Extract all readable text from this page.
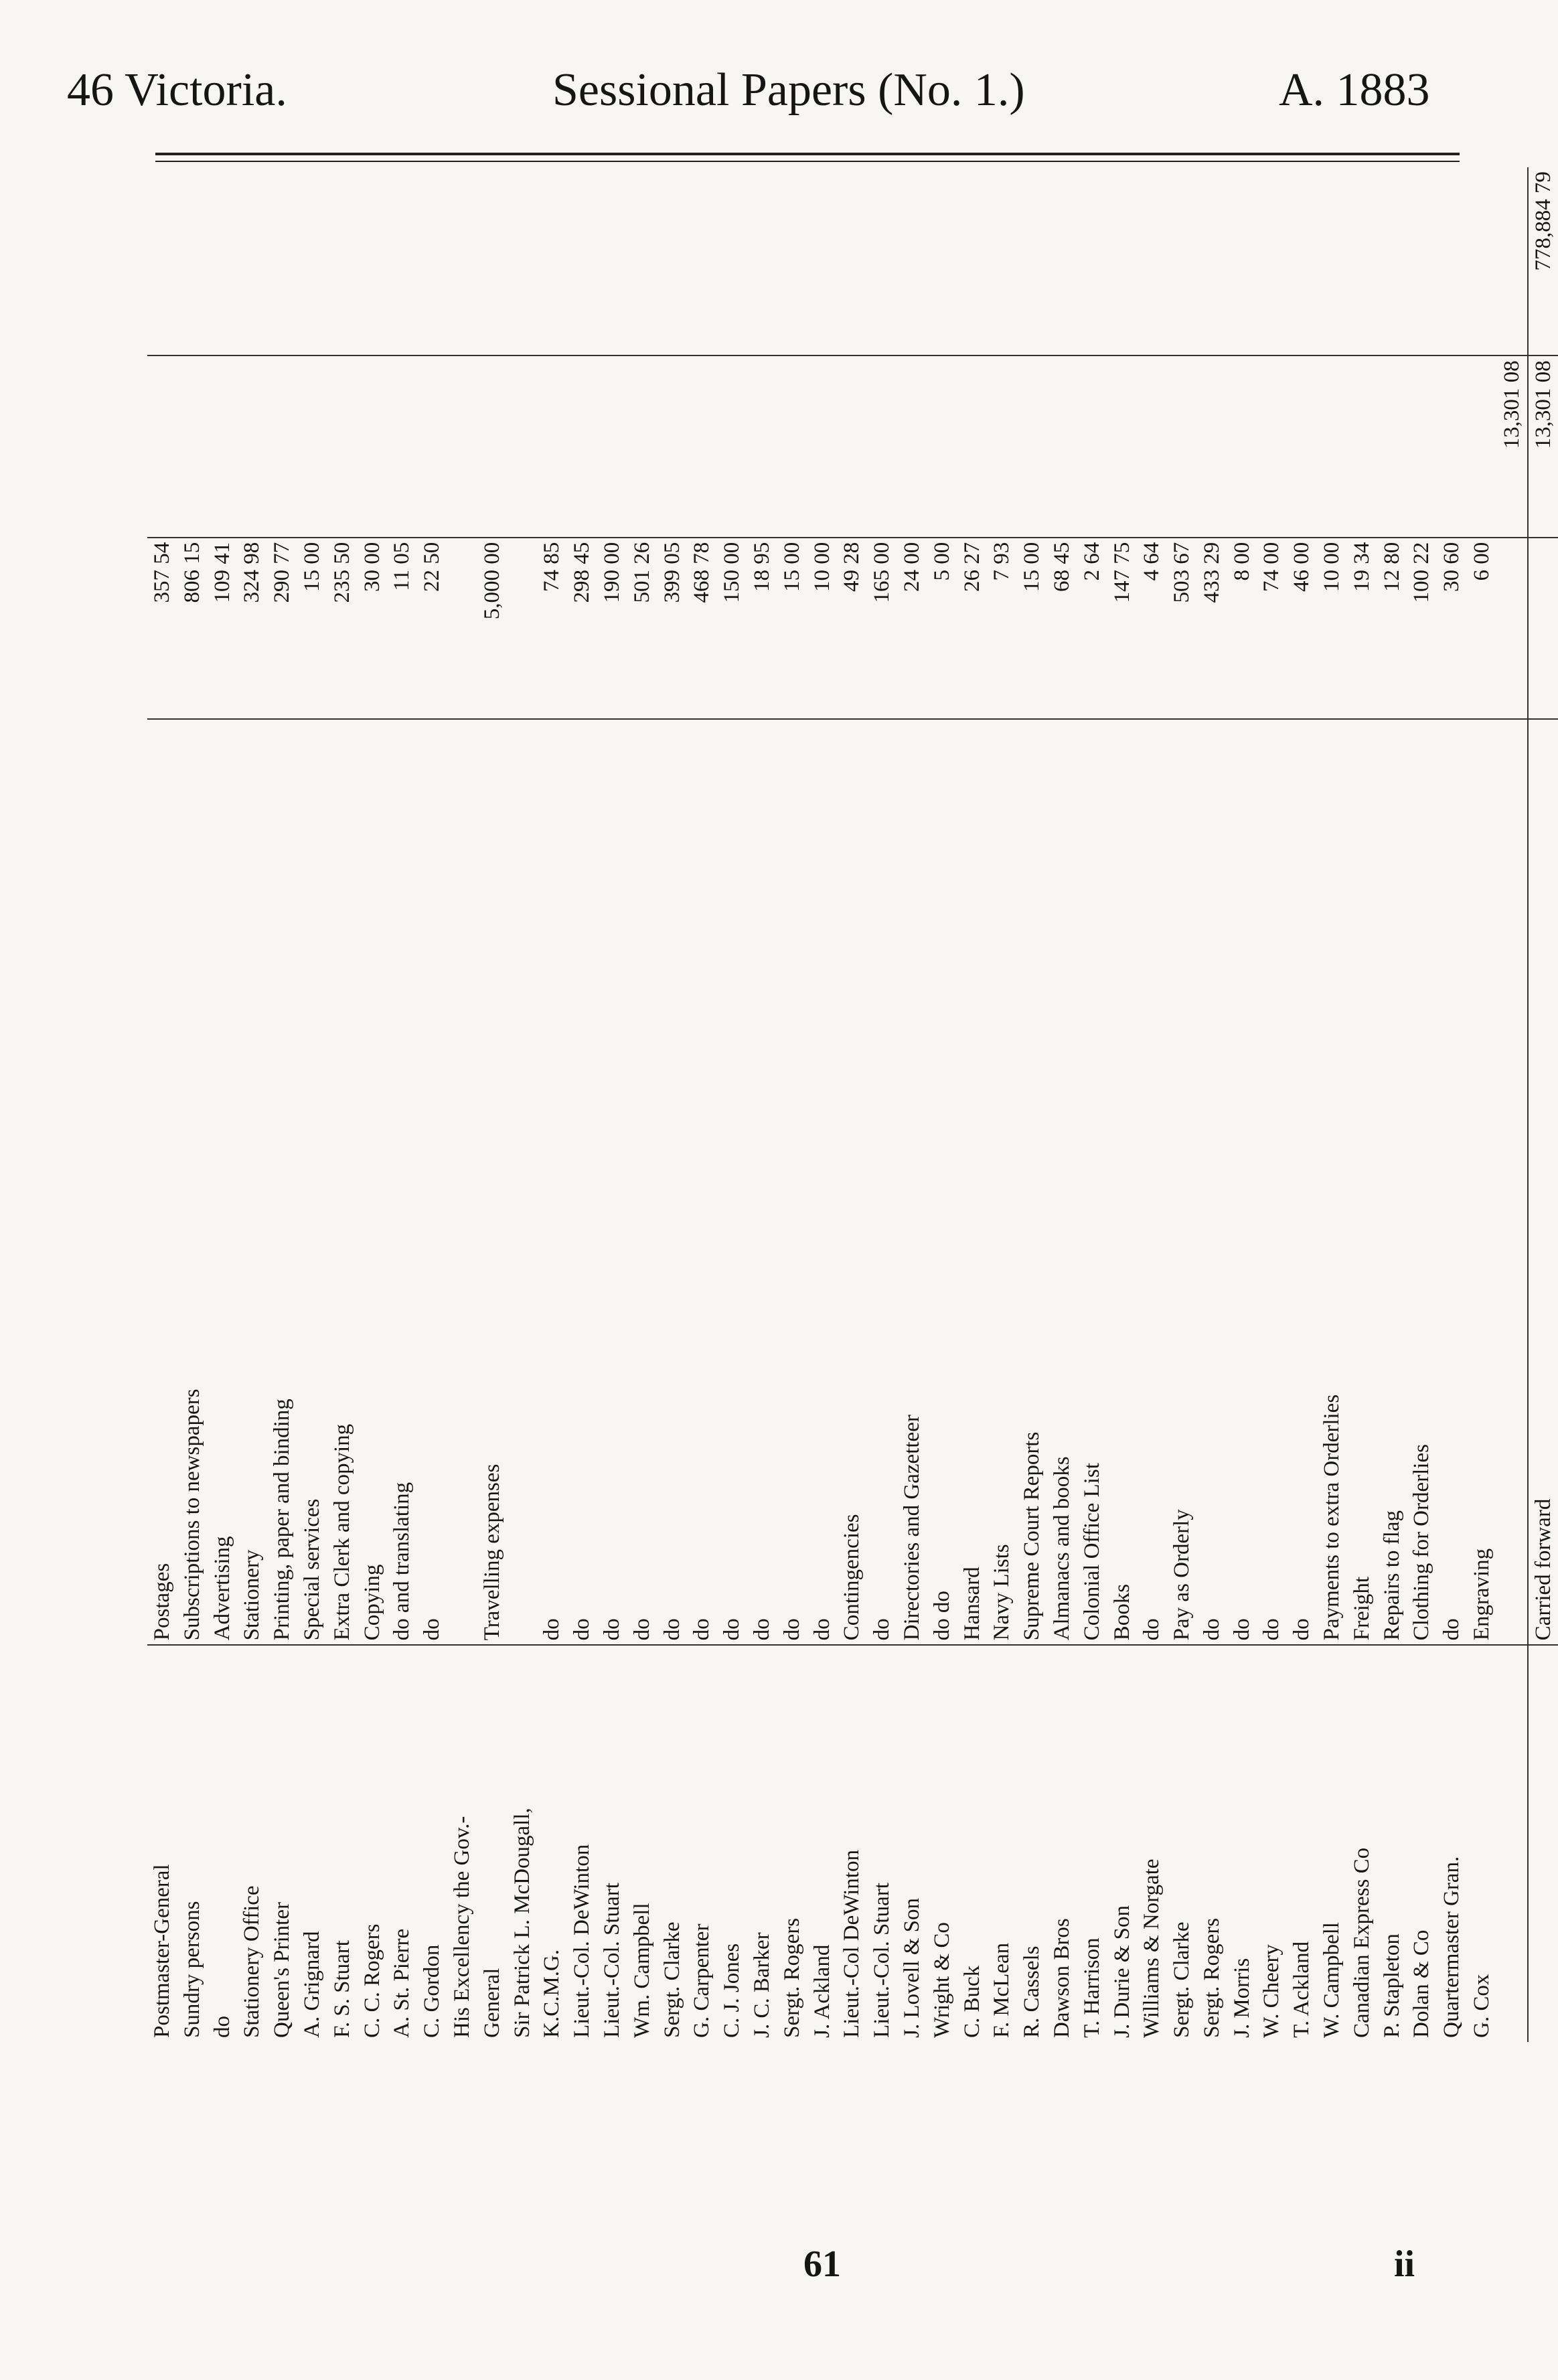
46 Victoria.	Sessional Papers (No. 1.)	A. 1883
Postmaster-General	Postages	357 54		
Sundry persons	Subscriptions to newspapers	806 15		
do	Advertising	109 41		
Stationery Office	Stationery	324 98		
Queen's Printer	Printing, paper and binding	290 77		
A. Grignard	Special services	15 00		
F. S. Stuart	Extra Clerk and copying	235 50		
C. C. Rogers	Copying	30 00		
A. St. Pierre	do and translating	11 05		
C. Gordon	do	22 50		
His Excellency the Gov.-				
General	Travelling expenses	5,000 00		
Sir Patrick L. McDougall,				
K.C.M.G.	do	74 85		
Lieut.-Col. DeWinton	do	298 45		
Lieut.-Col. Stuart	do	190 00		
Wm. Campbell	do	501 26		
Sergt. Clarke	do	399 05		
G. Carpenter	do	468 78		
C. J. Jones	do	150 00		
J. C. Barker	do	18 95		
Sergt. Rogers	do	15 00		
J. Ackland	do	10 00		
Lieut.-Col DeWinton	Contingencies	49 28		
Lieut.-Col. Stuart	do	165 00		
J. Lovell & Son	Directories and Gazetteer	24 00		
Wright & Co	do do	5 00		
C. Buck	Hansard	26 27		
F. McLean	Navy Lists	7 93		
R. Cassels	Supreme Court Reports	15 00		
Dawson Bros	Almanacs and books	68 45		
T. Harrison	Colonial Office List	2 64		
J. Durie & Son	Books	147 75		
Williams & Norgate	do	4 64		
Sergt. Clarke	Pay as Orderly	503 67		
Sergt. Rogers	do	433 29		
J. Morris	do	8 00		
W. Cheery	do	74 00		
T. Ackland	do	46 00		
W. Campbell	Payments to extra Orderlies	10 00		
Canadian Express Co	Freight	19 34		
P. Stapleton	Repairs to flag	12 80		
Dolan & Co	Clothing for Orderlies	100 22		
Quartermaster Gran.	do	30 60		
G. Cox	Engraving	6 00		
			13,301 08	
	Carried forward		13,301 08	778,884 79
61	ii
